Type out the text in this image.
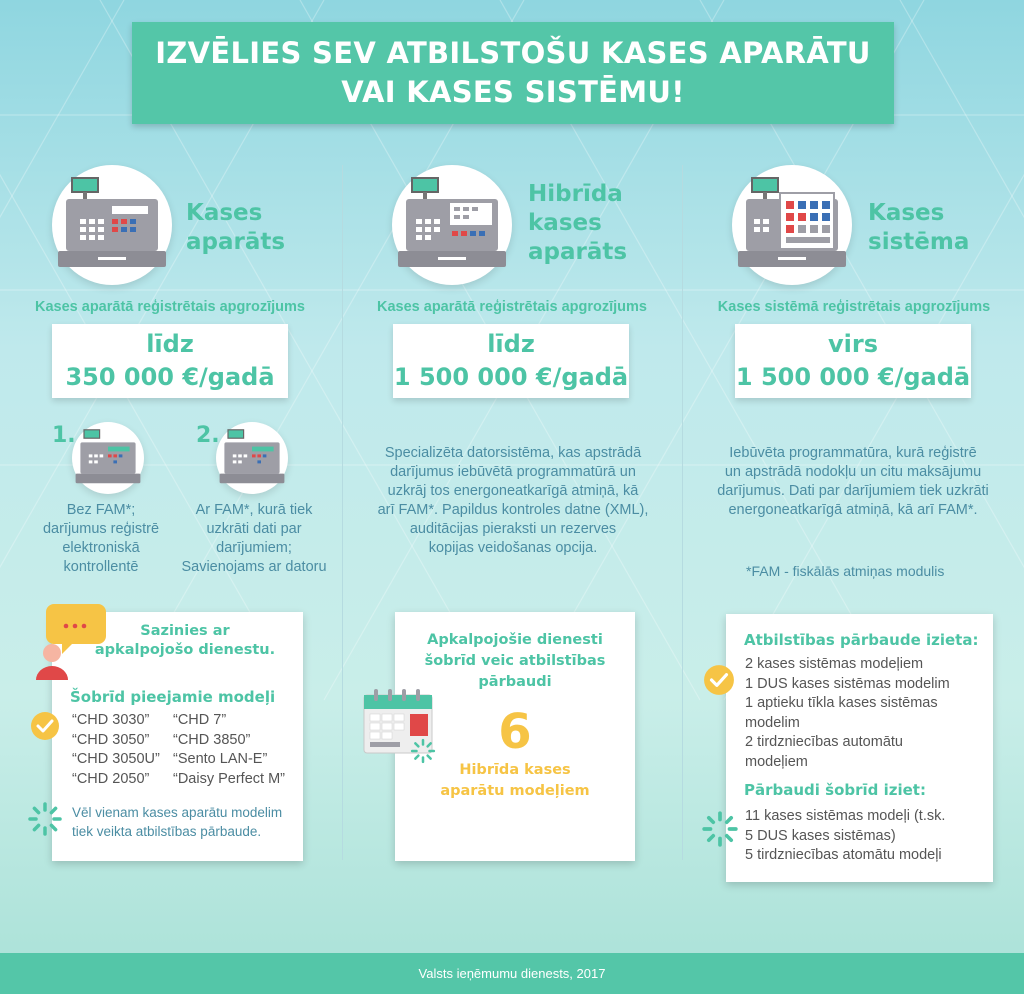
IZVĒLIES SEV ATBILSTOŠU KASES APARĀTU
VAI KASES SISTĒMU!
Kases
aparāts
Kases aparātā reģistrētais apgrozījums
līdz
350 000 €/gadā
1.
Bez FAM*;
darījumus reģistrē
elektroniskā
kontrollentē
2.
Ar FAM*, kurā tiek
uzkrāti dati par
darījumiem;
Savienojams ar datoru
Sazinies ar
apkalpojošo dienestu.
Šobrīd pieejamie modeļi
“CHD 3030”
“CHD 3050”
“CHD 3050U”
“CHD 2050”
“CHD 7”
“CHD 3850”
“Sento LAN-E”
“Daisy Perfect M”
Vēl vienam kases aparātu modelim
tiek veikta atbilstības pārbaude.
Hibrīda
kases
aparāts
Kases aparātā reģistrētais apgrozījums
līdz
1 500 000 €/gadā
Specializēta datorsistēma, kas apstrādā
darījumus iebūvētā programmatūrā un
uzkrāj tos energoneatkarīgā atmiņā, kā
arī FAM*. Papildus kontroles datne (XML),
auditācijas pieraksti un rezerves
kopijas veidošanas opcija.
Apkalpojošie dienesti
šobrīd veic atbilstības
pārbaudi
6
Hibrīda kases
aparātu modeļiem
Kases
sistēma
Kases sistēmā reģistrētais apgrozījums
virs
1 500 000 €/gadā
Iebūvēta programmatūra, kurā reģistrē
un apstrādā nodokļu un citu maksājumu
darījumus. Dati par darījumiem tiek uzkrāti
energoneatkarīgā atmiņā, kā arī FAM*.
*FAM - fiskālās atmiņas modulis
Atbilstības pārbaude izieta:
2 kases sistēmas modeļiem
1 DUS kases sistēmas modelim
1 aptieku tīkla kases sistēmas
modelim
2 tirdzniecības automātu
modeļiem
Pārbaudi šobrīd iziet:
11 kases sistēmas modeļi (t.sk.
5 DUS kases sistēmas)
5 tirdzniecības atomātu modeļi
Valsts ieņēmumu dienests, 2017
